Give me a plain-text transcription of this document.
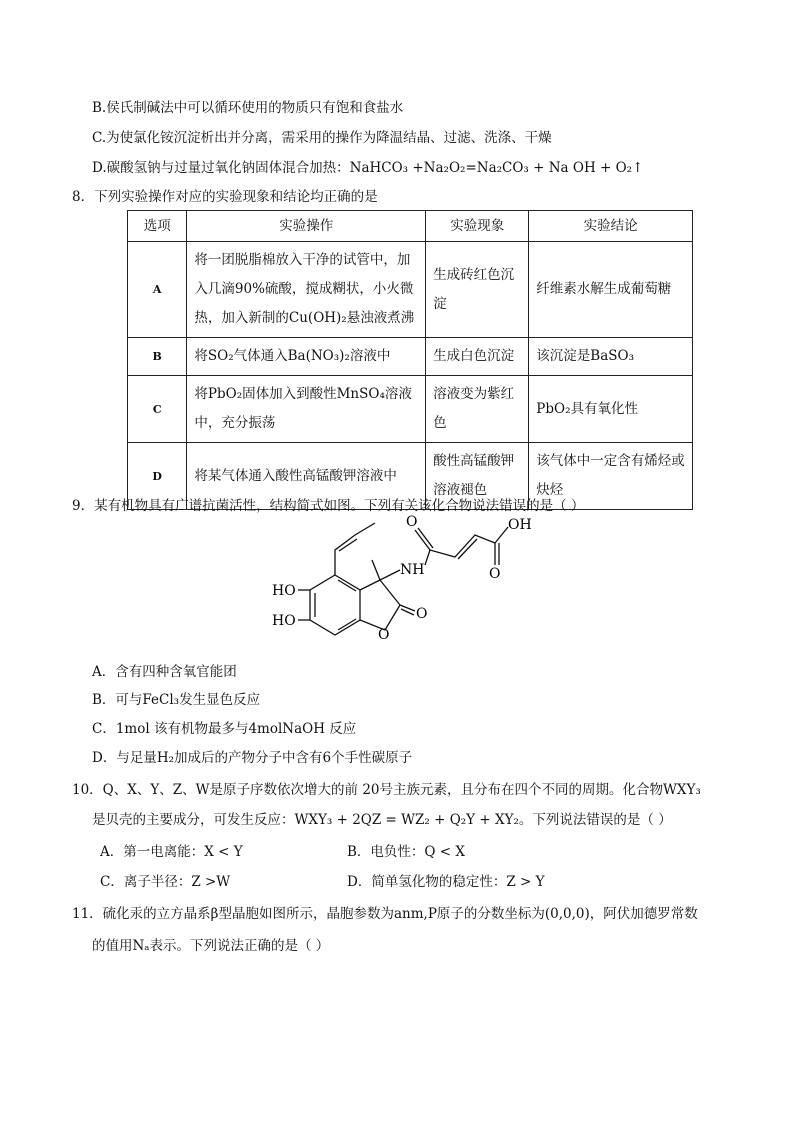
B.侯氏制碱法中可以循环使用的物质只有饱和食盐水
C.为使氯化铵沉淀析出并分离，需采用的操作为降温结晶、过滤、洗涤、干燥
D.碳酸氢钠与过量过氧化钠固体混合加热：NaHCO₃ +Na₂O₂=Na₂CO₃ + Na OH + O₂↑
8．下列实验操作对应的实验现象和结论均正确的是
选项	实验操作	实验现象	实验结论
A	将一团脱脂棉放入干净的试管中，加入几滴90%硫酸，搅成糊状，小火微热，加入新制的Cu(OH)₂悬浊液煮沸	生成砖红色沉淀	纤维素水解生成葡萄糖
B	将SO₂气体通入Ba(NO₃)₂溶液中	生成白色沉淀	该沉淀是BaSO₃
C	将PbO₂固体加入到酸性MnSO₄溶液中，充分振荡	溶液变为紫红色	PbO₂具有氧化性
D	将某气体通入酸性高锰酸钾溶液中	酸性高锰酸钾溶液褪色	该气体中一定含有烯烃或炔烃
9．某有机物具有广谱抗菌活性，结构简式如图。下列有关该化合物说法错误的是（ ）
OH
O
O
NH
HO
HO
O
O
A．含有四种含氧官能团
B．可与FeCl₃发生显色反应
C．1mol 该有机物最多与4molNaOH 反应
D．与足量H₂加成后的产物分子中含有6个手性碳原子
10．Q、X、Y、Z、W是原子序数依次增大的前 20号主族元素，且分布在四个不同的周期。化合物WXY₃
是贝壳的主要成分，可发生反应：WXY₃ + 2QZ = WZ₂ + Q₂Y + XY₂。下列说法错误的是（ ）
A．第一电离能：X < Y	B．电负性：Q < X
C．离子半径：Z >W	D．简单氢化物的稳定性：Z > Y
11．硫化汞的立方晶系β型晶胞如图所示，晶胞参数为anm,P原子的分数坐标为(0,0,0)，阿伏加德罗常数
的值用Nₐ表示。下列说法正确的是（ ）
